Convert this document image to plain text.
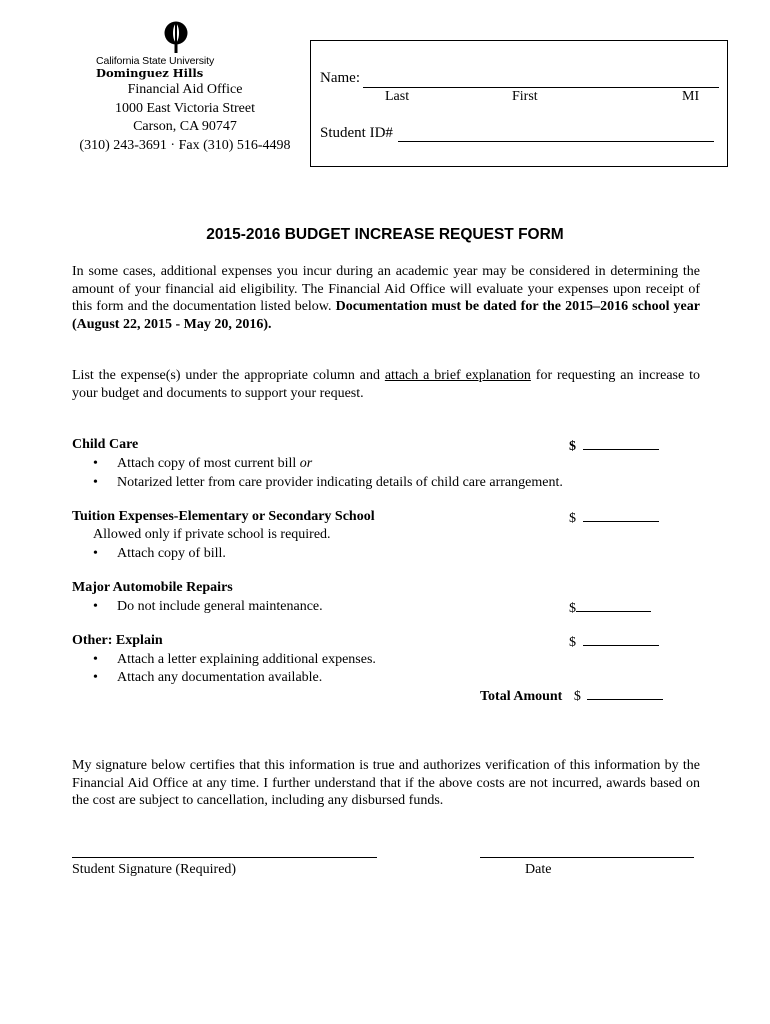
California State University
Dominguez Hills
Financial Aid Office
1000 East Victoria Street
Carson, CA 90747
(310) 243-3691 · Fax (310) 516-4498
Name:
Last	First	MI
Student ID#
2015-2016 BUDGET INCREASE REQUEST FORM
In some cases, additional expenses you incur during an academic year may be considered in determining the
amount of your financial aid eligibility. The Financial Aid Office will evaluate your expenses upon receipt of
this form and the documentation listed below. Documentation must be dated for the 2015–2016 school year
(August 22, 2015 - May 20, 2016).
List the expense(s) under the appropriate column and attach a brief explanation for requesting an increase to
your budget and documents to support your request.
Child Care	$
• Attach copy of most current bill or
• Notarized letter from care provider indicating details of child care arrangement.
Tuition Expenses-Elementary or Secondary School	$
Allowed only if private school is required.
• Attach copy of bill.
Major Automobile Repairs
• Do not include general maintenance.	$
Other: Explain	$
• Attach a letter explaining additional expenses.
• Attach any documentation available.
Total Amount $
My signature below certifies that this information is true and authorizes verification of this information by the
Financial Aid Office at any time. I further understand that if the above costs are not incurred, awards based on
the cost are subject to cancellation, including any disbursed funds.
Student Signature (Required)	Date
